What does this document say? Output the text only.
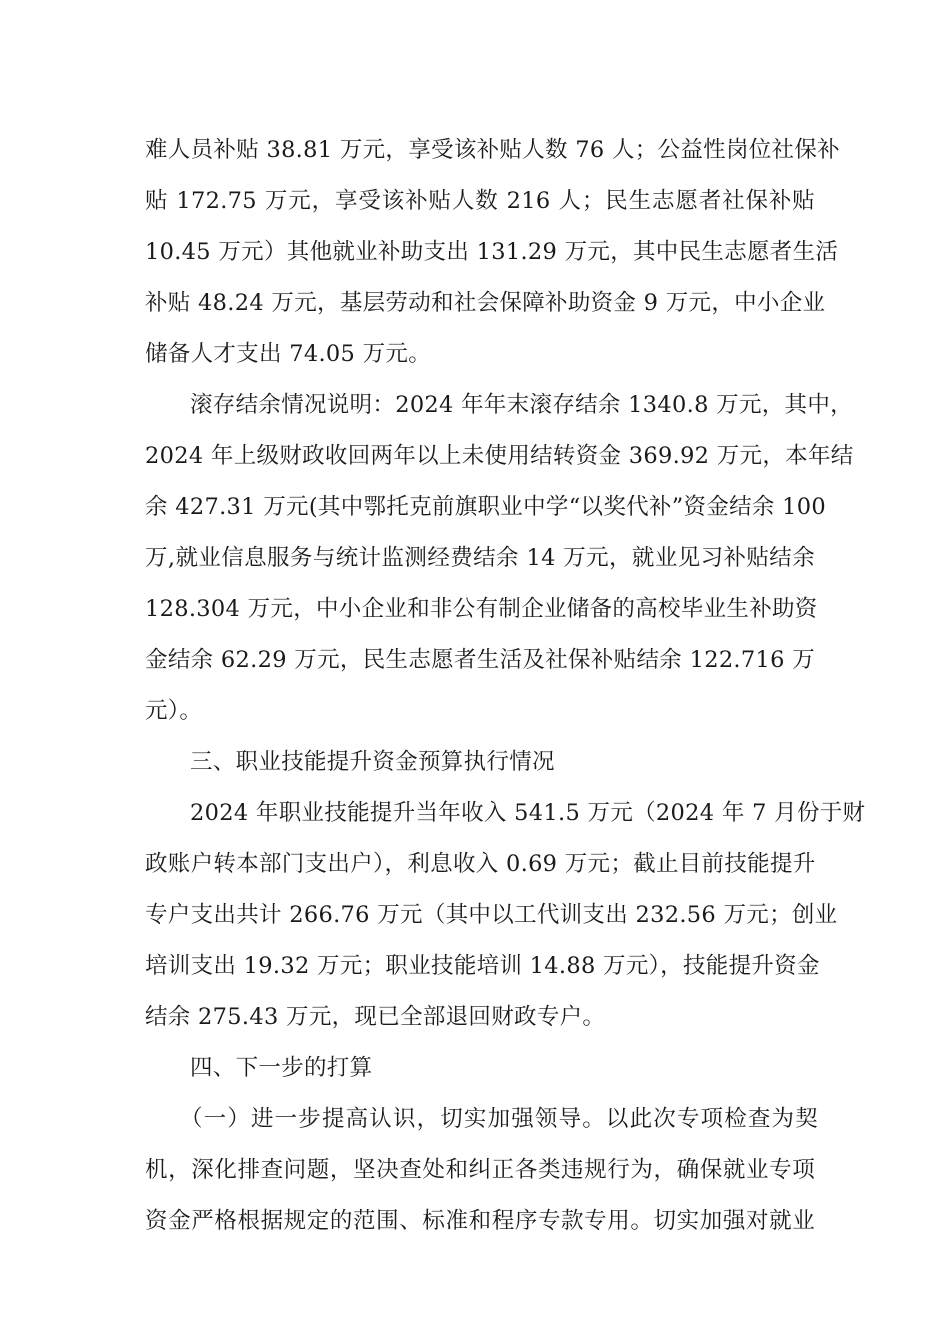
难人员补贴 38.81 万元，享受该补贴人数 76 人；公益性岗位社保补
贴 172.75 万元，享受该补贴人数 216 人；民生志愿者社保补贴
10.45 万元）其他就业补助支出 131.29 万元，其中民生志愿者生活
补贴 48.24 万元，基层劳动和社会保障补助资金 9 万元，中小企业
储备人才支出 74.05 万元。
滚存结余情况说明：2024 年年末滚存结余 1340.8 万元，其中，
2024 年上级财政收回两年以上未使用结转资金 369.92 万元，本年结
余 427.31 万元(其中鄂托克前旗职业中学“以奖代补”资金结余 100
万,就业信息服务与统计监测经费结余 14 万元，就业见习补贴结余
128.304 万元，中小企业和非公有制企业储备的高校毕业生补助资
金结余 62.29 万元，民生志愿者生活及社保补贴结余 122.716 万
元）。
三、职业技能提升资金预算执行情况
2024 年职业技能提升当年收入 541.5 万元（2024 年 7 月份于财
政账户转本部门支出户），利息收入 0.69 万元；截止目前技能提升
专户支出共计 266.76 万元（其中以工代训支出 232.56 万元；创业
培训支出 19.32 万元；职业技能培训 14.88 万元），技能提升资金
结余 275.43 万元，现已全部退回财政专户。
四、下一步的打算
（一）进一步提高认识，切实加强领导。以此次专项检查为契
机，深化排查问题，坚决查处和纠正各类违规行为，确保就业专项
资金严格根据规定的范围、标准和程序专款专用。切实加强对就业
